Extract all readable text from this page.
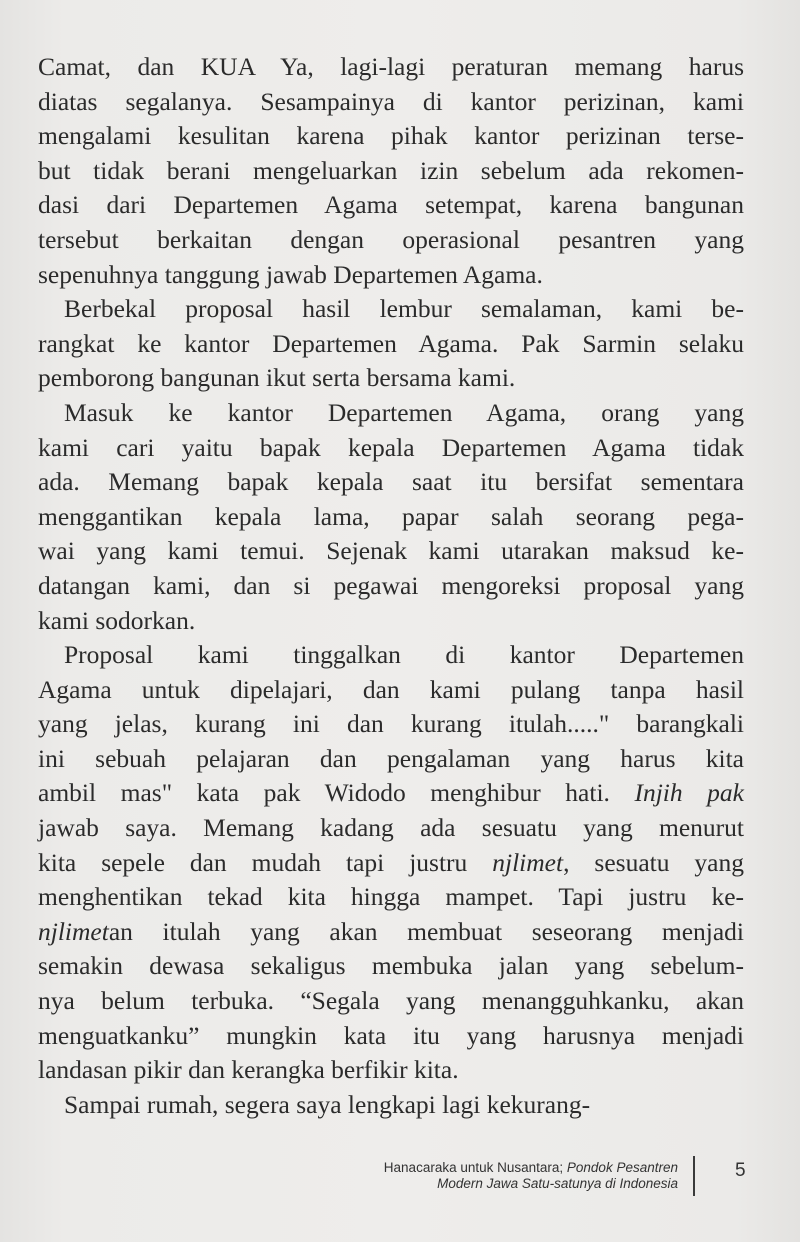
Camat, dan KUA Ya, lagi-lagi peraturan memang harus
diatas segalanya. Sesampainya di kantor perizinan, kami
mengalami kesulitan karena pihak kantor perizinan terse-
but tidak berani mengeluarkan izin sebelum ada rekomen-
dasi dari Departemen Agama setempat, karena bangunan
tersebut berkaitan dengan operasional pesantren yang
sepenuhnya tanggung jawab Departemen Agama.
Berbekal proposal hasil lembur semalaman, kami be-
rangkat ke kantor Departemen Agama. Pak Sarmin selaku
pemborong bangunan ikut serta bersama kami.
Masuk ke kantor Departemen Agama, orang yang
kami cari yaitu bapak kepala Departemen Agama tidak
ada. Memang bapak kepala saat itu bersifat sementara
menggantikan kepala lama, papar salah seorang pega-
wai yang kami temui. Sejenak kami utarakan maksud ke-
datangan kami, dan si pegawai mengoreksi proposal yang
kami sodorkan.
Proposal kami tinggalkan di kantor Departemen
Agama untuk dipelajari, dan kami pulang tanpa hasil
yang jelas, kurang ini dan kurang itulah....." barangkali
ini sebuah pelajaran dan pengalaman yang harus kita
ambil mas" kata pak Widodo menghibur hati. Injih pak
jawab saya. Memang kadang ada sesuatu yang menurut
kita sepele dan mudah tapi justru njlimet, sesuatu yang
menghentikan tekad kita hingga mampet. Tapi justru ke-
njlimetan itulah yang akan membuat seseorang menjadi
semakin dewasa sekaligus membuka jalan yang sebelum-
nya belum terbuka. “Segala yang menangguhkanku, akan
menguatkanku” mungkin kata itu yang harusnya menjadi
landasan pikir dan kerangka berfikir kita.
Sampai rumah, segera saya lengkapi lagi kekurang-
Hanacaraka untuk Nusantara; Pondok Pesantren
Modern Jawa Satu-satunya di Indonesia
5
